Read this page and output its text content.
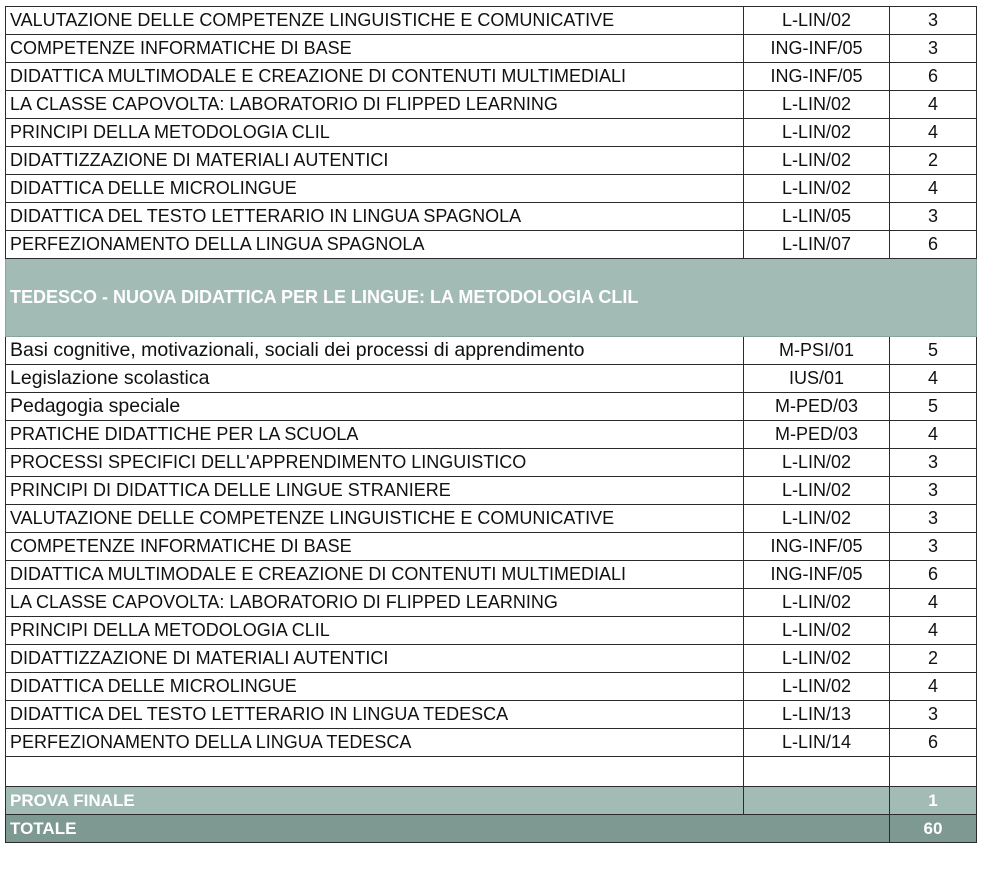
VALUTAZIONE DELLE COMPETENZE LINGUISTICHE E COMUNICATIVE	L-LIN/02	3
COMPETENZE INFORMATICHE DI BASE	ING-INF/05	3
DIDATTICA MULTIMODALE E CREAZIONE DI CONTENUTI MULTIMEDIALI	ING-INF/05	6
LA CLASSE CAPOVOLTA: LABORATORIO DI FLIPPED LEARNING	L-LIN/02	4
PRINCIPI DELLA METODOLOGIA CLIL	L-LIN/02	4
DIDATTIZZAZIONE DI MATERIALI AUTENTICI	L-LIN/02	2
DIDATTICA DELLE MICROLINGUE	L-LIN/02	4
DIDATTICA DEL TESTO LETTERARIO IN LINGUA SPAGNOLA	L-LIN/05	3
PERFEZIONAMENTO DELLA LINGUA SPAGNOLA	L-LIN/07	6
TEDESCO - NUOVA DIDATTICA PER LE LINGUE: LA METODOLOGIA CLIL		
Basi cognitive, motivazionali, sociali dei processi di apprendimento	M-PSI/01	5
Legislazione scolastica	IUS/01	4
Pedagogia speciale	M-PED/03	5
PRATICHE DIDATTICHE PER LA SCUOLA	M-PED/03	4
PROCESSI SPECIFICI DELL'APPRENDIMENTO LINGUISTICO	L-LIN/02	3
PRINCIPI DI DIDATTICA DELLE LINGUE STRANIERE	L-LIN/02	3
VALUTAZIONE DELLE COMPETENZE LINGUISTICHE E COMUNICATIVE	L-LIN/02	3
COMPETENZE INFORMATICHE DI BASE	ING-INF/05	3
DIDATTICA MULTIMODALE E CREAZIONE DI CONTENUTI MULTIMEDIALI	ING-INF/05	6
LA CLASSE CAPOVOLTA: LABORATORIO DI FLIPPED LEARNING	L-LIN/02	4
PRINCIPI DELLA METODOLOGIA CLIL	L-LIN/02	4
DIDATTIZZAZIONE DI MATERIALI AUTENTICI	L-LIN/02	2
DIDATTICA DELLE MICROLINGUE	L-LIN/02	4
DIDATTICA DEL TESTO LETTERARIO IN LINGUA TEDESCA	L-LIN/13	3
PERFEZIONAMENTO DELLA LINGUA TEDESCA	L-LIN/14	6

PROVA FINALE		1
TOTALE		60
